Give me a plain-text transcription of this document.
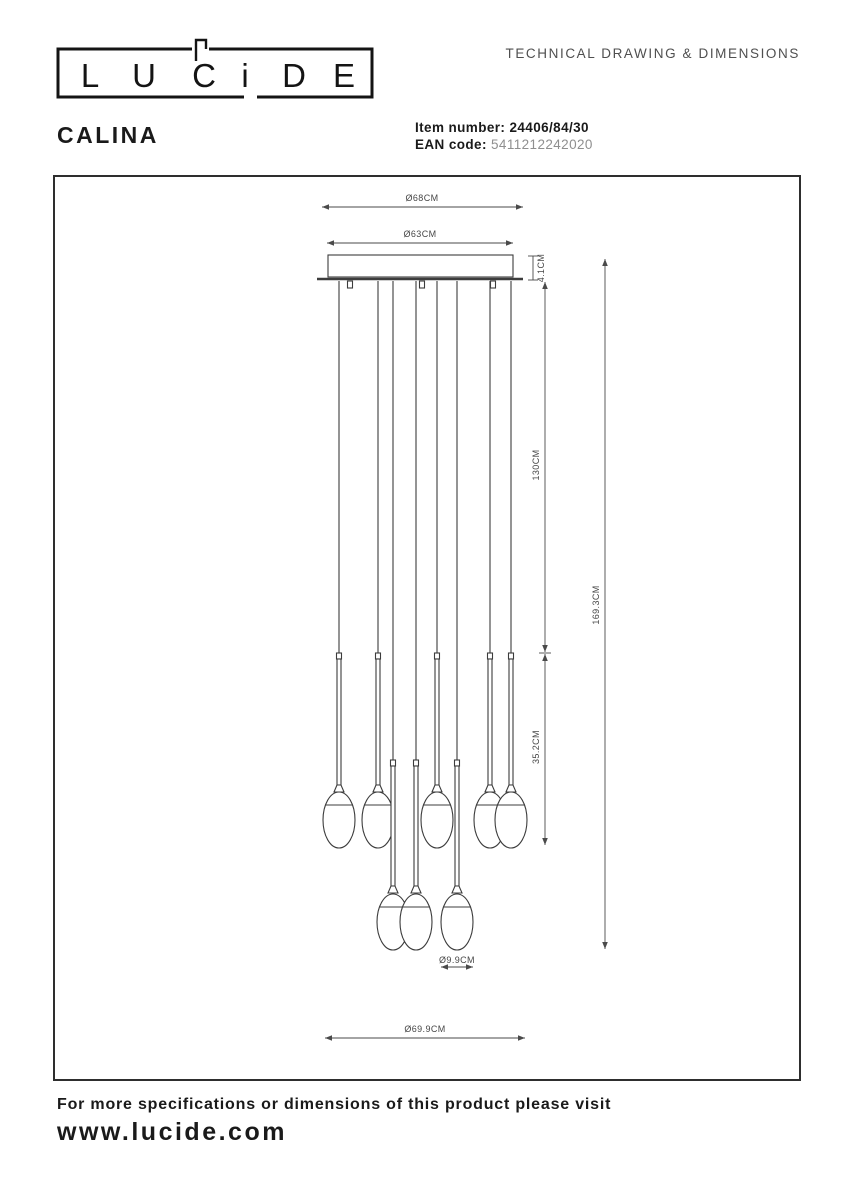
L U C i D E
TECHNICAL DRAWING & DIMENSIONS
CALINA	Item number: 24406/84/30
EAN code: 5411212242020
Ø68CM
Ø63CM
4.1CM
130CM
35.2CM
169.3CM
Ø9.9CM
Ø69.9CM
For more specifications or dimensions of this product please visit
www.lucide.com
